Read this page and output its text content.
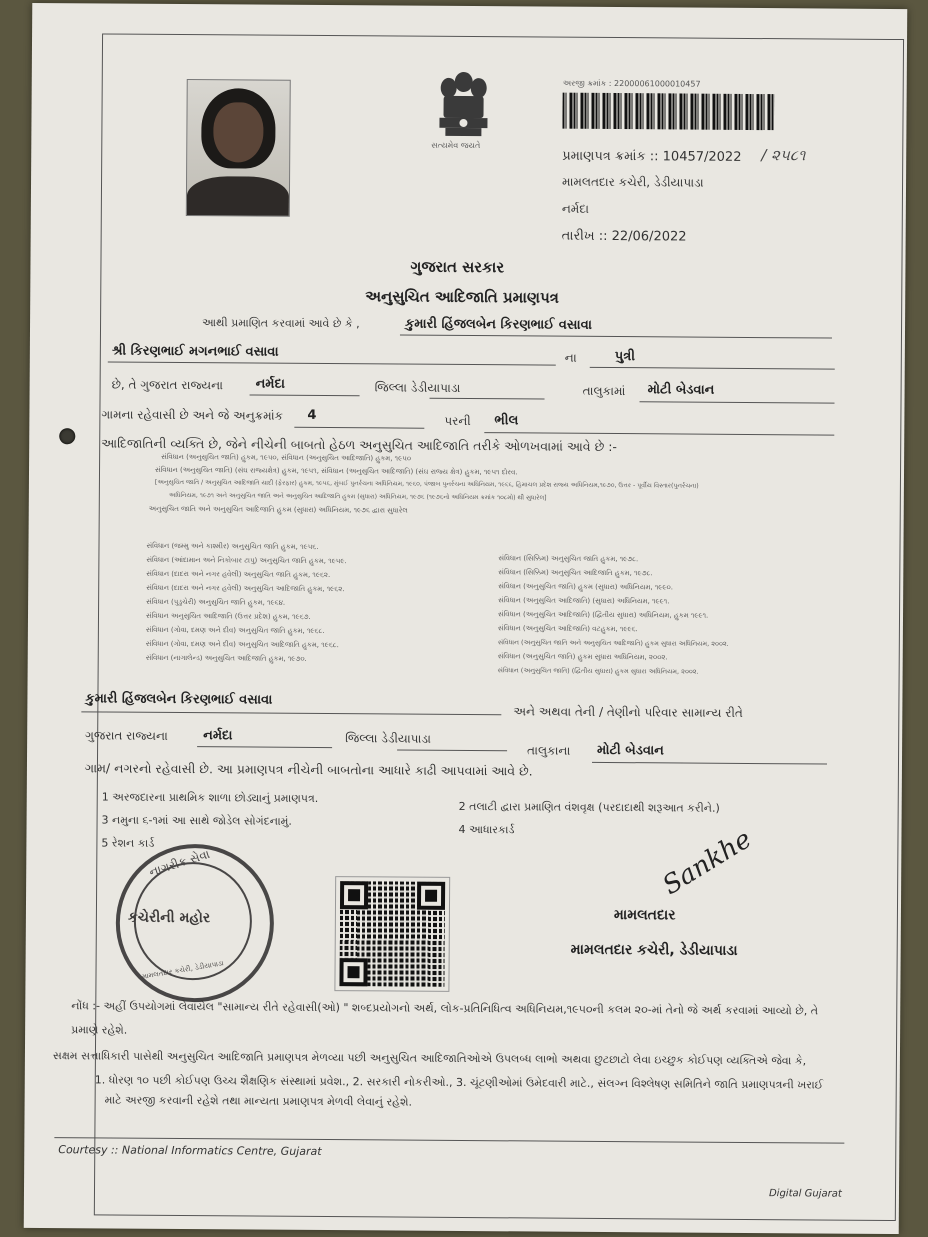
સત્યમેવ જયતે
અરજી ક્રમાંક : 22000061000010457
પ્રમાણપત્ર ક્રમાંક :: 10457/2022 / ૨૫૮૧
મામલતદાર કચેરી, ડેડીયાપાડા
નર્મદા
તારીખ :: 22/06/2022
ગુજરાત સરકાર
અનુસુચિત આદિજાતિ પ્રમાણપત્ર
આથી પ્રમાણિત કરવામાં આવે છે કે ,	કુમારી હિંજલબેન કિરણભાઈ વસાવા
શ્રી કિરણભાઈ મગનભાઈ વસાવા	ના	પુત્રી
છે, તે ગુજરાત રાજ્યના	નર્મદા	જિલ્લા ડેડીયાપાડા	તાલુકામાં મોટી બેડવાન
ગામના રહેવાસી છે અને જે અનુક્રમાંક 4	પરની ભીલ
આદિજાતિની વ્યક્તિ છે, જેને નીચેની બાબતો હેઠળ અનુસુચિત આદિજાતિ તરીકે ઓળખવામાં આવે છે :-
સંવિધાન (અનુસુચિત જાતિ) હુકમ, ૧૯૫૦, સંવિધાન (અનુસુચિત આદિજાતિ) હુકમ, ૧૯૫૦
સંવિધાન (અનુસુચિત જાતિ) (સંઘ રાજ્યક્ષેત્ર) હુકમ, ૧૯૫૧, સંવિધાન (અનુસુચિત આદિજાતિ) (સંઘ રાજ્ય ક્ષેત્ર) હુકમ, ૧૯૫૧ દોરવ.
[અનુસુચિત જાતિ / અનુસુચિત આદિજાતિ યાદી (ફેરફાર) હુકમ, ૧૯૫૬, મુંબઈ પુનર્રચના અધિનિયમ, ૧૯૬૦, પંજાબ પુનર્રચના અધિનિયમ, ૧૯૬૬, હિમાચલ પ્રદેશ રાજ્ય અધિનિયમ,૧૯૭૦, ઉત્તર - પૂર્વીય વિસ્તાર(પુનર્રચના)
અધિનિયમ, ૧૯૭૧ અને અનુસુચિત જાતિ અને અનુસુચિત આદિજાતિ હુકમ (સુધારા) અધિનિયમ, ૧૯૭૬ (૧૯૭૬નો અધિનિયમ ક્રમાંક ૧૦૮મો) થી સુધારેલ]
અનુસુચિત જાતિ અને અનુસુચિત આદિજાતિ હુકમ (સુધારા) અધિનિયમ, ૧૯૭૬ દ્વારા સુધારેલ
સંવિધાન (જમ્મુ અને કાશ્મીર) અનુસુચિત જાતિ હુકમ, ૧૯૫૬.
સંવિધાન (આંદામાન અને નિકોબાર ટાપુ) અનુસુચિત જાતિ હુકમ, ૧૯૫૯.
સંવિધાન (દાદરા અને નગર હવેલી) અનુસુચિત જાતિ હુકમ, ૧૯૬૨.
સંવિધાન (દાદરા અને નગર હવેલી) અનુસુચિત આદિજાતિ હુકમ, ૧૯૬૨.
સંવિધાન (પુડુચેરી) અનુસુચિત જાતિ હુકમ, ૧૯૬૪.
સંવિધાન અનુસુચિત આદિજાતિ (ઉત્તર પ્રદેશ) હુકમ, ૧૯૬૭.
સંવિધાન (ગોવા, દમણ અને દીવ) અનુસુચિત જાતિ હુકમ, ૧૯૬૮.
સંવિધાન (ગોવા, દમણ અને દીવ) અનુસુચિત આદિજાતિ હુકમ, ૧૯૬૮.
સંવિધાન (નાગાલેન્ડ) અનુસુચિત આદિજાતિ હુકમ, ૧૯૭૦.
સંવિધાન (સિક્કિમ) અનુસુચિત જાતિ હુકમ, ૧૯૭૮.
સંવિધાન (સિક્કિમ) અનુસુચિત આદિજાતિ હુકમ, ૧૯૭૮.
સંવિધાન (અનુસુચિત જાતિ) હુકમ (સુધારા) અધિનિયમ, ૧૯૯૦.
સંવિધાન (અનુસુચિત આદિજાતિ) (સુધારા) અધિનિયમ, ૧૯૯૧.
સંવિધાન (અનુસુચિત આદિજાતિ) (દ્વિતીય સુધારા) અધિનિયમ, હુકમ ૧૯૯૧.
સંવિધાન (અનુસુચિત આદિજાતિ) વટહુકમ, ૧૯૯૬.
સંવિધાન (અનુસુચિત જાતિ અને અનુસુચિત આદિજાતિ) હુકમ સુધારા અધિનિયમ, ૨૦૦૨.
સંવિધાન (અનુસુચિત જાતિ) હુકમ સુધારા અધિનિયમ, ૨૦૦૨.
સંવિધાન (અનુસુચિત જાતિ) (દ્વિતીય સુધારા) હુકમ સુધારા અધિનિયમ, ૨૦૦૨.
કુમારી હિંજલબેન કિરણભાઈ વસાવા
અને અથવા તેની / તેણીનો પરિવાર સામાન્ય રીતે
ગુજરાત રાજ્યના	નર્મદા	જિલ્લા ડેડીયાપાડા
તાલુકાના મોટી બેડવાન
ગામ/ નગરનો રહેવાસી છે. આ પ્રમાણપત્ર નીચેની બાબતોના આધારે કાઢી આપવામાં આવે છે.
1 અરજદારના પ્રાથમિક શાળા છોડ્યાનું પ્રમાણપત્ર.
2 તલાટી દ્વારા પ્રમાણિત વંશવૃક્ષ (પરદાદાથી શરૂઆત કરીને.)
3 નમુના ૬-૧માં આ સાથે જોડેલ સોગંદનામું.
4 આધારકાર્ડ
5 રેશન કાર્ડ
નાગરીક સેવા
કચેરીની મહોર
મામલતદાર કચેરી, ડેડીયાપાડા
Sankhe
મામલતદાર
મામલતદાર કચેરી, ડેડીયાપાડા
નોંધ :- અહીં ઉપયોગમાં લેવાયેલ "સામાન્ય રીતે રહેવાસી(ઓ) " શબ્દપ્રયોગનો અર્થ, લોક-પ્રતિનિધિત્વ અધિનિયમ,૧૯૫૦ની કલમ ૨૦-માં તેનો જે અર્થ કરવામાં આવ્યો છે, તે
પ્રમાણે રહેશે.
સક્ષમ સત્તાધિકારી પાસેથી અનુસુચિત આદિજાતિ પ્રમાણપત્ર મેળવ્યા પછી અનુસુચિત આદિજાતિઓએ ઉપલબ્ધ લાભો અથવા છુટછાટો લેવા ઇચ્છુક કોઈપણ વ્યક્તિએ જેવા કે,
1. ધોરણ ૧૦ પછી કોઈપણ ઉચ્ચ શૈક્ષણિક સંસ્થામાં પ્રવેશ., 2. સરકારી નોકરીઓ., 3. ચૂંટણીઓમાં ઉમેદવારી માટે., સંલગ્ન વિશ્લેષણ સમિતિને જાતિ પ્રમાણપત્રની ખરાઈ
માટે અરજી કરવાની રહેશે તથા માન્યતા પ્રમાણપત્ર મેળવી લેવાનું રહેશે.
Courtesy :: National Informatics Centre, Gujarat
Digital Gujarat
